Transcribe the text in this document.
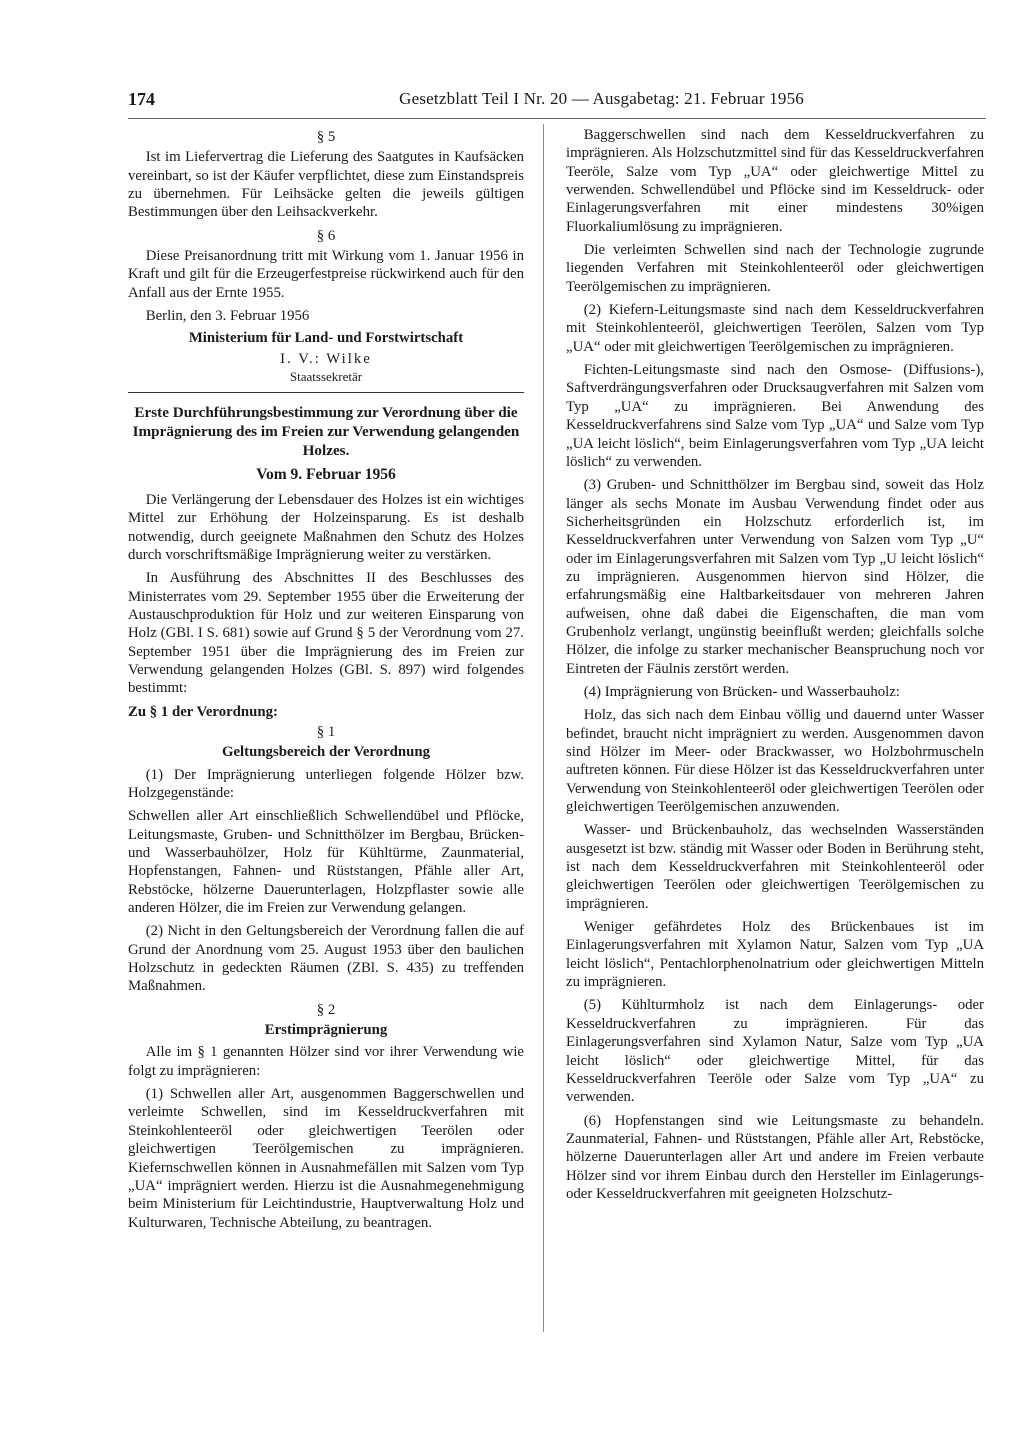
174	Gesetzblatt Teil I Nr. 20 — Ausgabetag: 21. Februar 1956
§ 5

Ist im Liefervertrag die Lieferung des Saatgutes in Kaufsäcken vereinbart, so ist der Käufer verpflichtet, diese zum Einstandspreis zu übernehmen. Für Leihsäcke gelten die jeweils gültigen Bestimmungen über den Leihsackverkehr.

§ 6

Diese Preisanordnung tritt mit Wirkung vom 1. Januar 1956 in Kraft und gilt für die Erzeugerfestpreise rückwirkend auch für den Anfall aus der Ernte 1955.

Berlin, den 3. Februar 1956
Ministerium für Land- und Forstwirtschaft
I. V.: Wilke
Staatssekretär
Erste Durchführungsbestimmung zur Verordnung über die Imprägnierung des im Freien zur Verwendung gelangenden Holzes.
Vom 9. Februar 1956

Die Verlängerung der Lebensdauer des Holzes ist ein wichtiges Mittel zur Erhöhung der Holzeinsparung. Es ist deshalb notwendig, durch geeignete Maßnahmen den Schutz des Holzes durch vorschriftsmäßige Imprägnierung weiter zu verstärken.

In Ausführung des Abschnittes II des Beschlusses des Ministerrates vom 29. September 1955 über die Erweiterung der Austauschproduktion für Holz und zur weiteren Einsparung von Holz (GBl. I S. 681) sowie auf Grund § 5 der Verordnung vom 27. September 1951 über die Imprägnierung des im Freien zur Verwendung gelangenden Holzes (GBl. S. 897) wird folgendes bestimmt:

Zu § 1 der Verordnung:
§ 1
Geltungsbereich der Verordnung

(1) Der Imprägnierung unterliegen folgende Hölzer bzw. Holzgegenstände:

Schwellen aller Art einschließlich Schwellendübel und Pflöcke, Leitungsmaste, Gruben- und Schnitthölzer im Bergbau, Brücken- und Wasserbauhölzer, Holz für Kühltürme, Zaunmaterial, Hopfenstangen, Fahnen- und Rüststangen, Pfähle aller Art, Rebstöcke, hölzerne Dauerunterlagen, Holzpflaster sowie alle anderen Hölzer, die im Freien zur Verwendung gelangen.

(2) Nicht in den Geltungsbereich der Verordnung fallen die auf Grund der Anordnung vom 25. August 1953 über den baulichen Holzschutz in gedeckten Räumen (ZBl. S. 435) zu treffenden Maßnahmen.

§ 2
Erstimprägnierung

Alle im § 1 genannten Hölzer sind vor ihrer Verwendung wie folgt zu imprägnieren:

(1) Schwellen aller Art, ausgenommen Baggerschwellen und verleimte Schwellen, sind im Kesseldruckverfahren mit Steinkohlenteeröl oder gleichwertigen Teerölen oder gleichwertigen Teerölgemischen zu imprägnieren. Kiefernschwellen können in Ausnahmefällen mit Salzen vom Typ „UA“ imprägniert werden. Hierzu ist die Ausnahmegenehmigung beim Ministerium für Leichtindustrie, Hauptverwaltung Holz und Kulturwaren, Technische Abteilung, zu beantragen.

Baggerschwellen sind nach dem Kesseldruckverfahren zu imprägnieren. Als Holzschutzmittel sind für das Kesseldruckverfahren Teeröle, Salze vom Typ „UA“ oder gleichwertige Mittel zu verwenden. Schwellendübel und Pflöcke sind im Kesseldruck- oder Einlagerungsverfahren mit einer mindestens 30%igen Fluorkaliumlösung zu imprägnieren.

Die verleimten Schwellen sind nach der Technologie zugrunde liegenden Verfahren mit Steinkohlenteeröl oder gleichwertigen Teerölgemischen zu imprägnieren.

(2) Kiefern-Leitungsmaste sind nach dem Kesseldruckverfahren mit Steinkohlenteeröl, gleichwertigen Teerölen, Salzen vom Typ „UA“ oder mit gleichwertigen Teerölgemischen zu imprägnieren.

Fichten-Leitungsmaste sind nach den Osmose- (Diffusions-), Saftverdrängungsverfahren oder Drucksaugverfahren mit Salzen vom Typ „UA“ zu imprägnieren. Bei Anwendung des Kesseldruckverfahrens sind Salze vom Typ „UA“ und Salze vom Typ „UA leicht löslich“, beim Einlagerungsverfahren vom Typ „UA leicht löslich“ zu verwenden.

(3) Gruben- und Schnitthölzer im Bergbau sind, soweit das Holz länger als sechs Monate im Ausbau Verwendung findet oder aus Sicherheitsgründen ein Holzschutz erforderlich ist, im Kesseldruckverfahren unter Verwendung von Salzen vom Typ „U“ oder im Einlagerungsverfahren mit Salzen vom Typ „U leicht löslich“ zu imprägnieren. Ausgenommen hiervon sind Hölzer, die erfahrungsmäßig eine Haltbarkeitsdauer von mehreren Jahren aufweisen, ohne daß dabei die Eigenschaften, die man vom Grubenholz verlangt, ungünstig beeinflußt werden; gleichfalls solche Hölzer, die infolge zu starker mechanischer Beanspruchung noch vor Eintreten der Fäulnis zerstört werden.

(4) Imprägnierung von Brücken- und Wasserbauholz:

Holz, das sich nach dem Einbau völlig und dauernd unter Wasser befindet, braucht nicht imprägniert zu werden. Ausgenommen davon sind Hölzer im Meer- oder Brackwasser, wo Holzbohrmuscheln auftreten können. Für diese Hölzer ist das Kesseldruckverfahren unter Verwendung von Steinkohlenteeröl oder gleichwertigen Teerölen oder gleichwertigen Teerölgemischen anzuwenden.

Wasser- und Brückenbauholz, das wechselnden Wasserständen ausgesetzt ist bzw. ständig mit Wasser oder Boden in Berührung steht, ist nach dem Kesseldruckverfahren mit Steinkohlenteeröl oder gleichwertigen Teerölen oder gleichwertigen Teerölgemischen zu imprägnieren.

Weniger gefährdetes Holz des Brückenbaues ist im Einlagerungsverfahren mit Xylamon Natur, Salzen vom Typ „UA leicht löslich“, Pentachlorphenolnatrium oder gleichwertigen Mitteln zu imprägnieren.

(5) Kühlturmholz ist nach dem Einlagerungs- oder Kesseldruckverfahren zu imprägnieren. Für das Einlagerungsverfahren sind Xylamon Natur, Salze vom Typ „UA leicht löslich“ oder gleichwertige Mittel, für das Kesseldruckverfahren Teeröle oder Salze vom Typ „UA“ zu verwenden.

(6) Hopfenstangen sind wie Leitungsmaste zu behandeln. Zaunmaterial, Fahnen- und Rüststangen, Pfähle aller Art, Rebstöcke, hölzerne Dauerunterlagen aller Art und andere im Freien verbaute Hölzer sind vor ihrem Einbau durch den Hersteller im Einlagerungs- oder Kesseldruckverfahren mit geeigneten Holzschutz-
